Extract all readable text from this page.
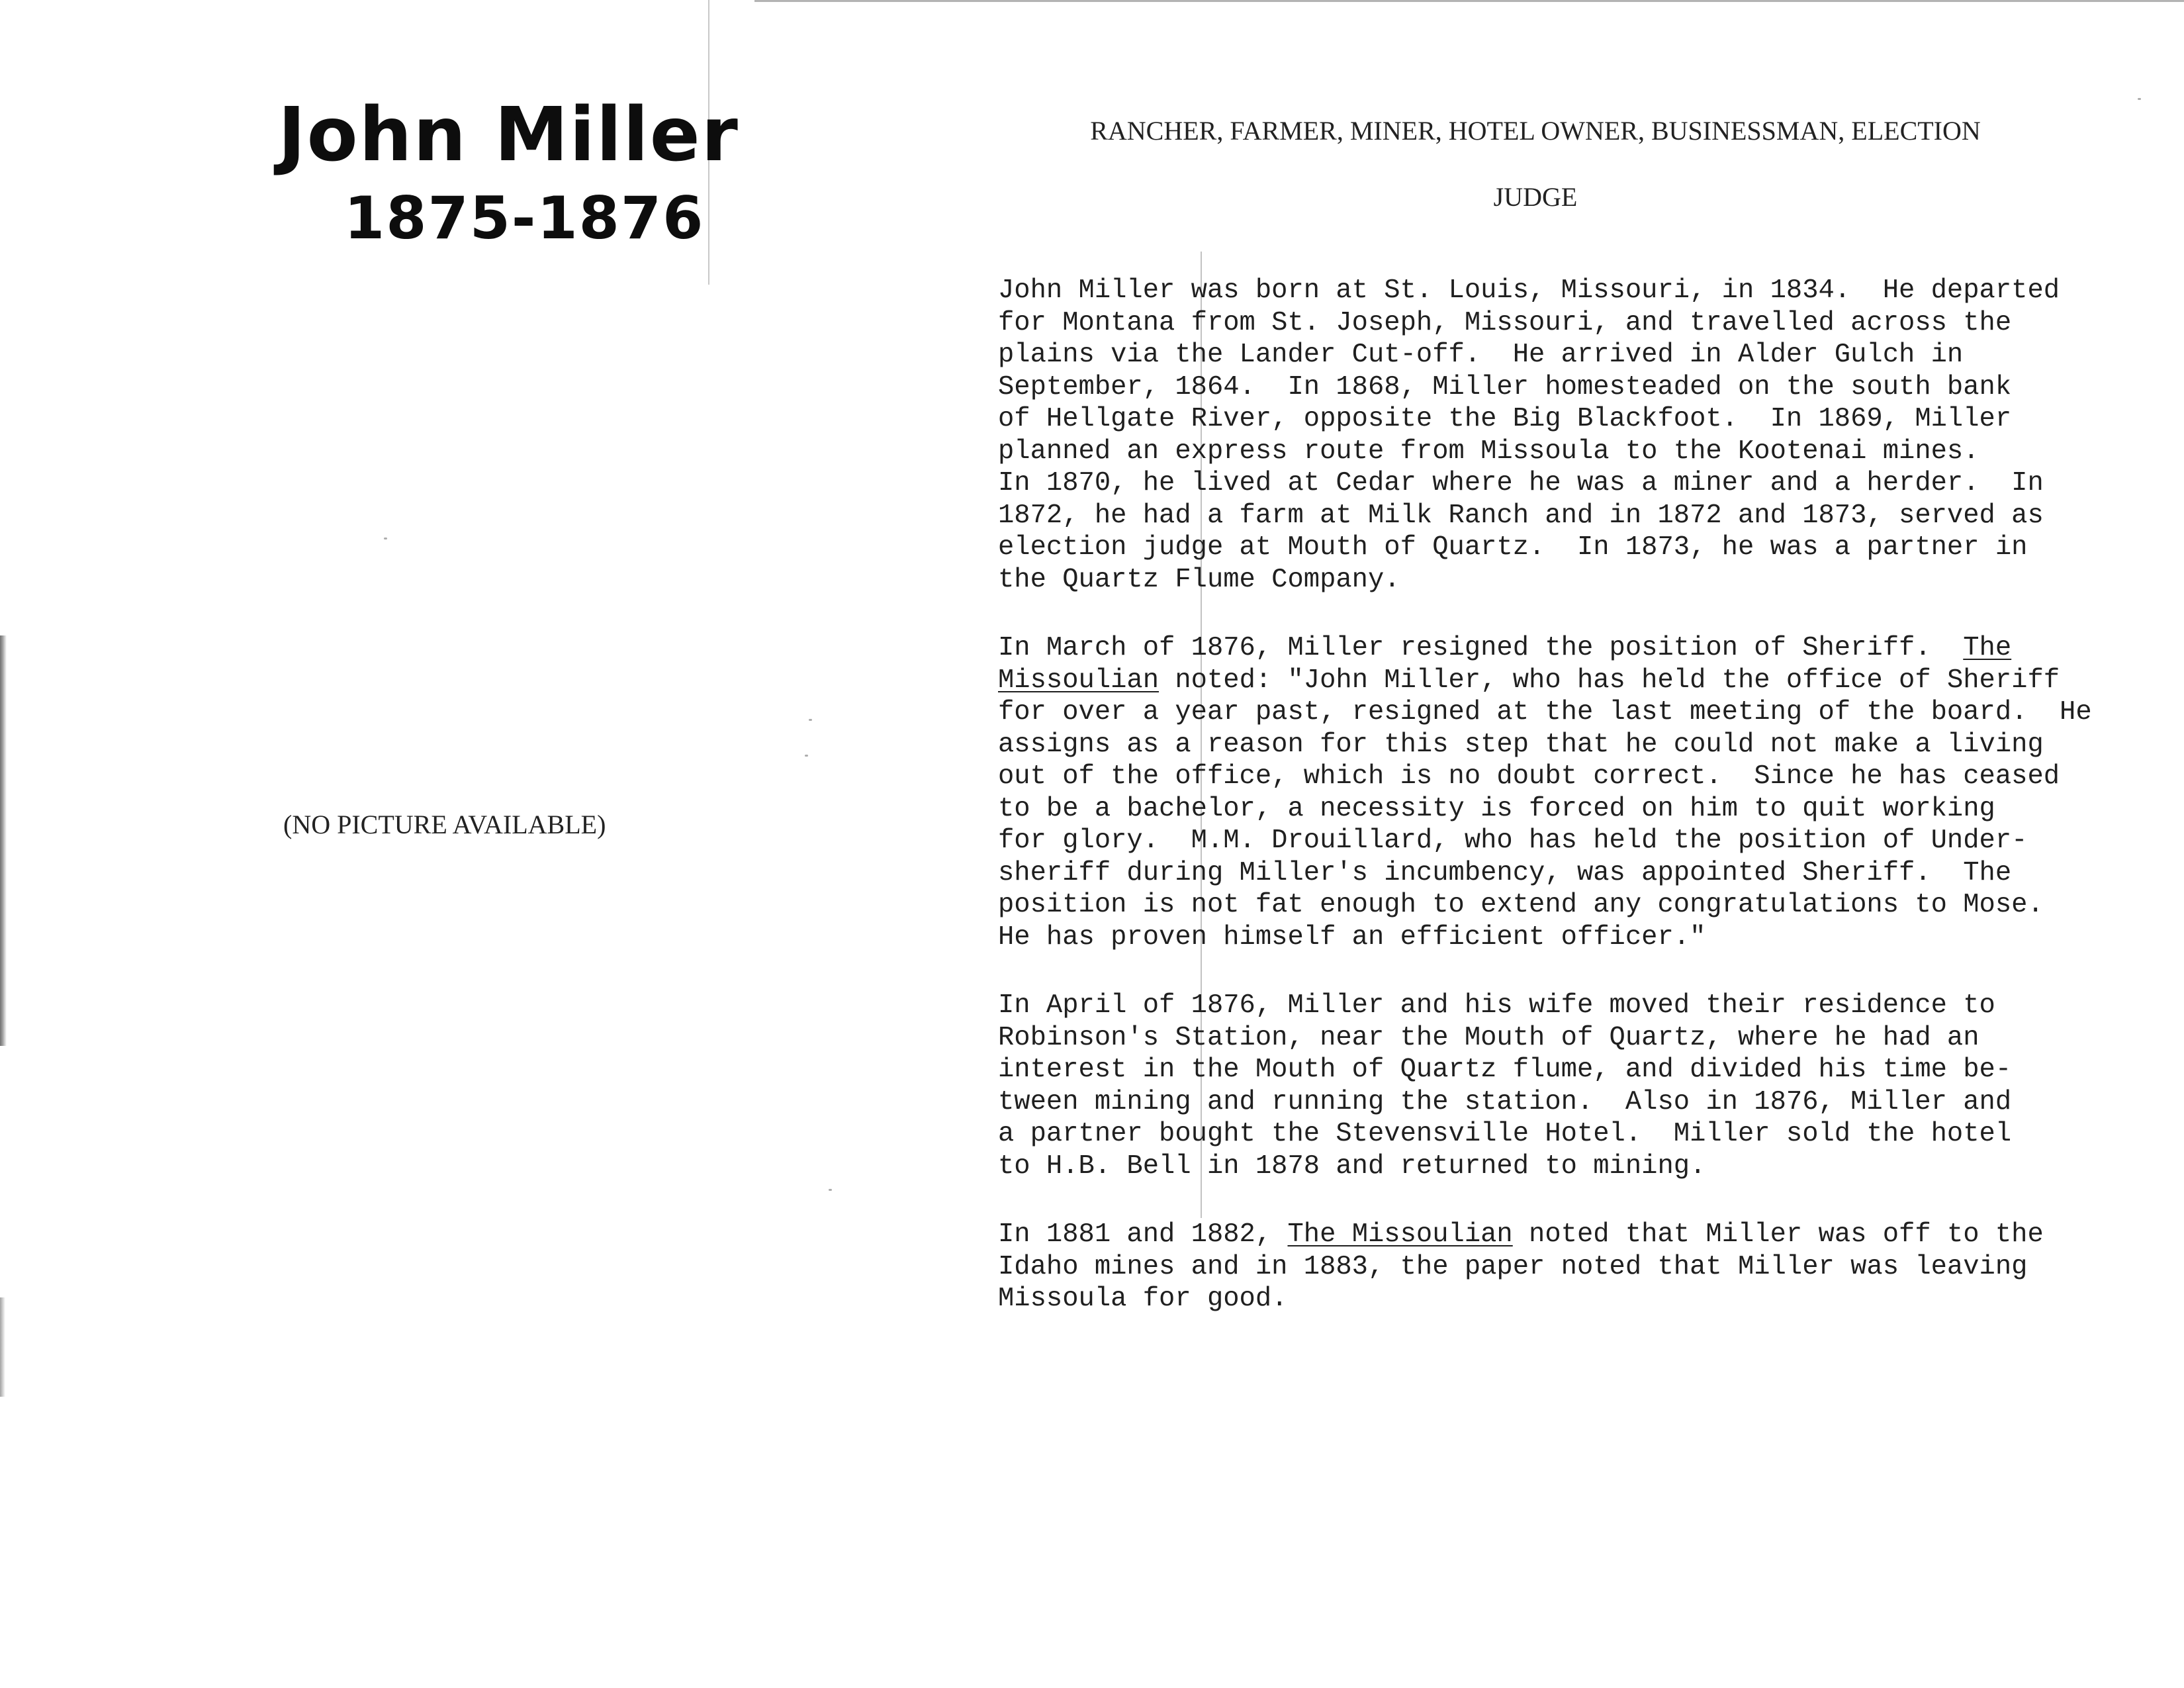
John Miller
1875-1876
(NO PICTURE AVAILABLE)
RANCHER, FARMER, MINER, HOTEL OWNER, BUSINESSMAN, ELECTION
JUDGE

John Miller was born at St. Louis, Missouri, in 1834.  He departed
for Montana from St. Joseph, Missouri, and travelled across the
plains via the Lander Cut-off.  He arrived in Alder Gulch in
September, 1864.  In 1868, Miller homesteaded on the south bank
of Hellgate River, opposite the Big Blackfoot.  In 1869, Miller
planned an express route from Missoula to the Kootenai mines.
In 1870, he lived at Cedar where he was a miner and a herder.  In
1872, he had a farm at Milk Ranch and in 1872 and 1873, served as
election judge at Mouth of Quartz.  In 1873, he was a partner in
the Quartz Flume Company.

In March of 1876, Miller resigned the position of Sheriff.  The
Missoulian noted: "John Miller, who has held the office of Sheriff
for over a year past, resigned at the last meeting of the board.  He
assigns as a reason for this step that he could not make a living
out of the office, which is no doubt correct.  Since he has ceased
to be a bachelor, a necessity is forced on him to quit working
for glory.  M.M. Drouillard, who has held the position of Under-
sheriff during Miller's incumbency, was appointed Sheriff.  The
position is not fat enough to extend any congratulations to Mose.
He has proven himself an efficient officer."

In April of 1876, Miller and his wife moved their residence to
Robinson's Station, near the Mouth of Quartz, where he had an
interest in the Mouth of Quartz flume, and divided his time be-
tween mining and running the station.  Also in 1876, Miller and
a partner bought the Stevensville Hotel.  Miller sold the hotel
to H.B. Bell in 1878 and returned to mining.

In 1881 and 1882, The Missoulian noted that Miller was off to the
Idaho mines and in 1883, the paper noted that Miller was leaving
Missoula for good.
